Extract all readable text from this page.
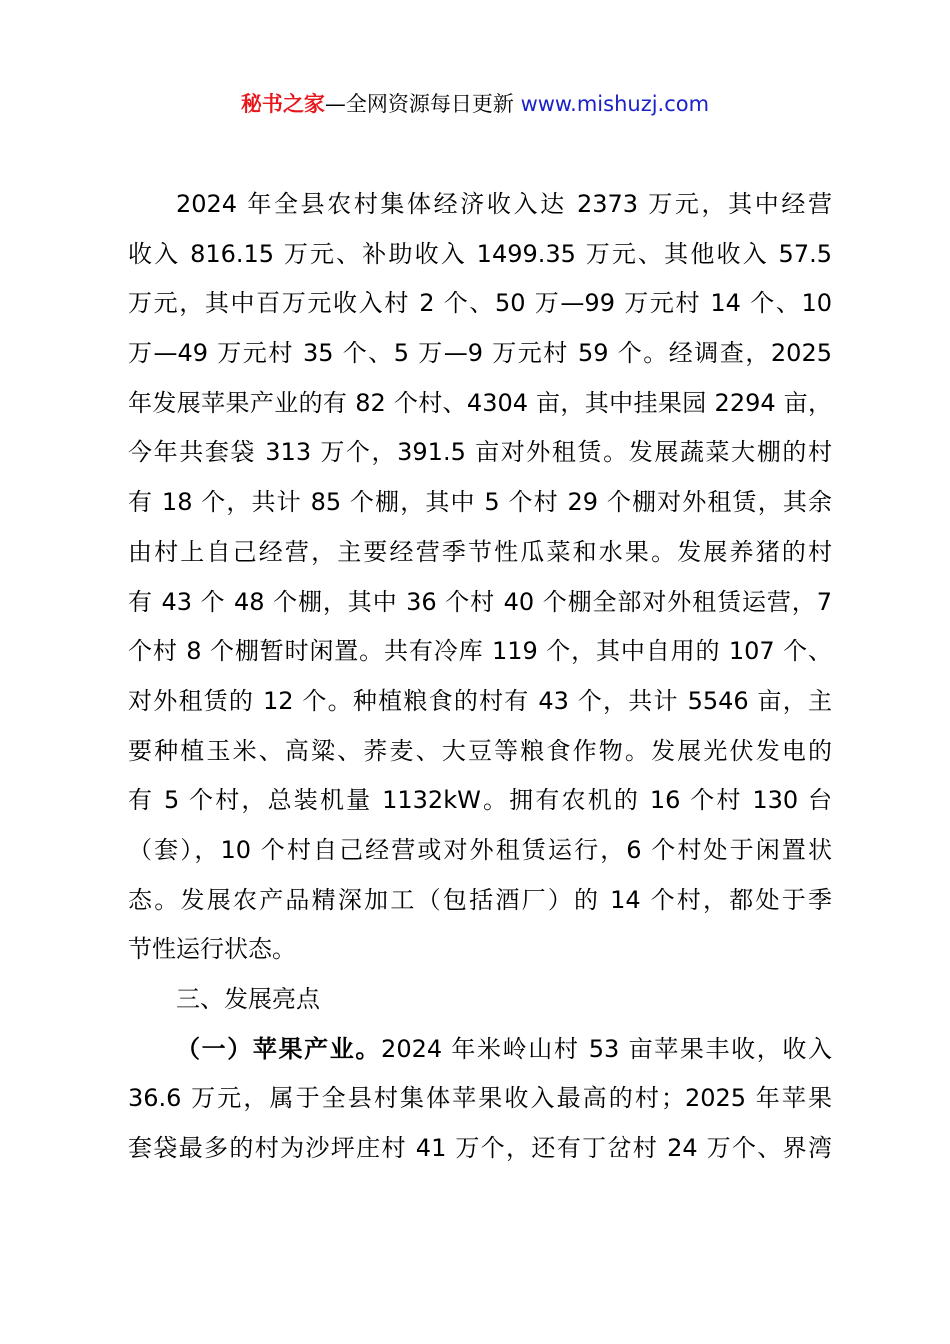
秘书之家—全网资源每日更新 www.mishuzj.com
2024 年全县农村集体经济收入达 2373 万元，其中经营
收入 816.15 万元、补助收入 1499.35 万元、其他收入 57.5
万元，其中百万元收入村 2 个、50 万—99 万元村 14 个、10
万—49 万元村 35 个、5 万—9 万元村 59 个。经调查，2025
年发展苹果产业的有 82 个村、4304 亩，其中挂果园 2294 亩，
今年共套袋 313 万个，391.5 亩对外租赁。发展蔬菜大棚的村
有 18 个，共计 85 个棚，其中 5 个村 29 个棚对外租赁，其余
由村上自己经营，主要经营季节性瓜菜和水果。发展养猪的村
有 43 个 48 个棚，其中 36 个村 40 个棚全部对外租赁运营，7
个村 8 个棚暂时闲置。共有冷库 119 个，其中自用的 107 个、
对外租赁的 12 个。种植粮食的村有 43 个，共计 5546 亩，主
要种植玉米、高粱、荞麦、大豆等粮食作物。发展光伏发电的
有 5 个村，总装机量 1132kW。拥有农机的 16 个村 130 台
（套），10 个村自己经营或对外租赁运行，6 个村处于闲置状
态。发展农产品精深加工（包括酒厂）的 14 个村，都处于季
节性运行状态。
三、发展亮点
（一）苹果产业。2024 年米岭山村 53 亩苹果丰收，收入
36.6 万元，属于全县村集体苹果收入最高的村；2025 年苹果
套袋最多的村为沙坪庄村 41 万个，还有丁岔村 24 万个、界湾
